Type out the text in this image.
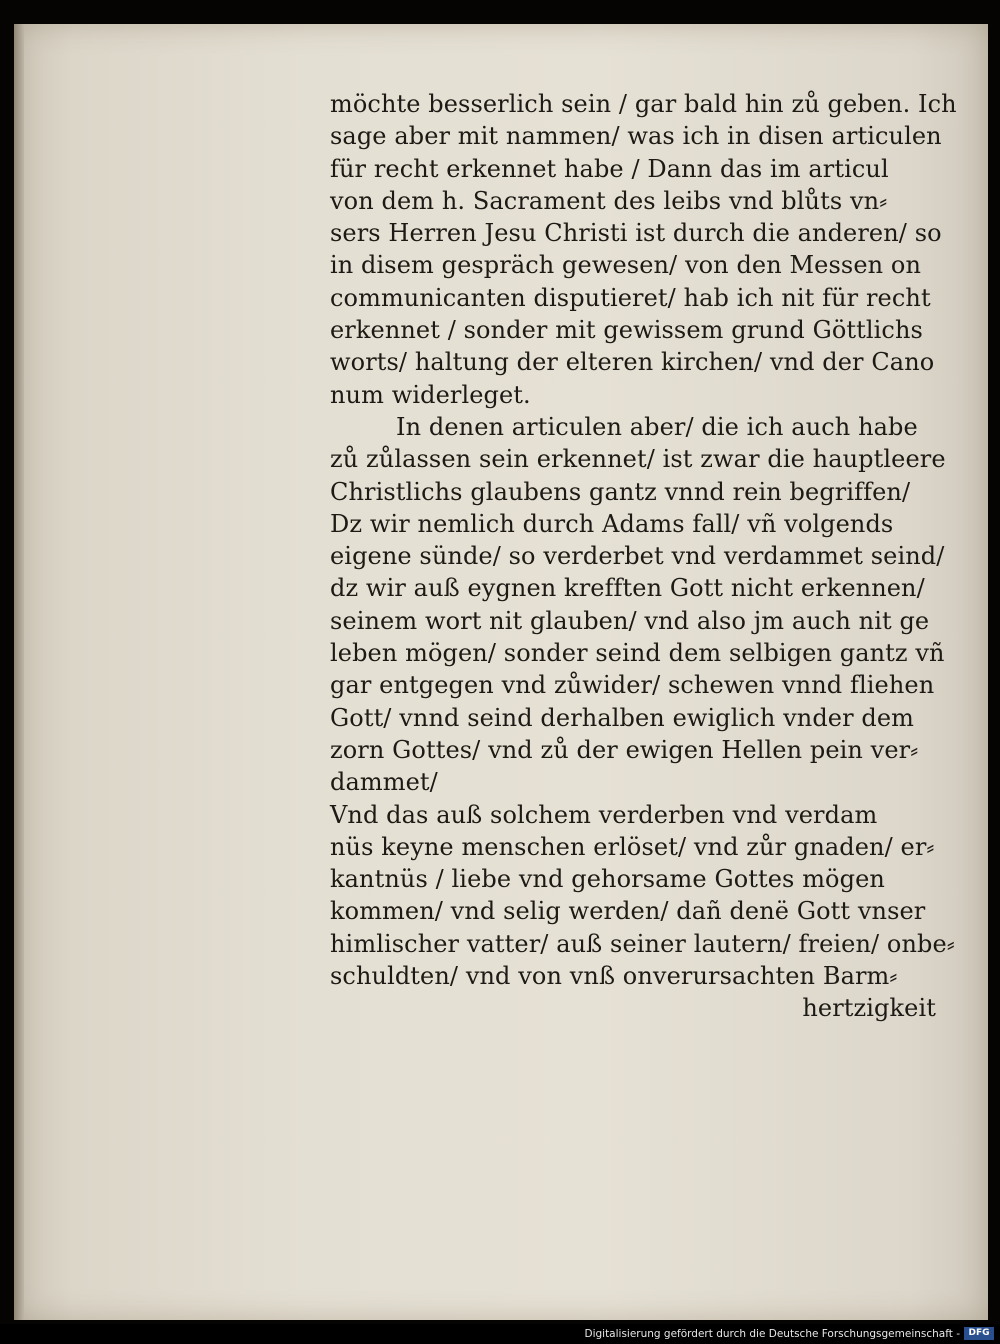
möchte besserlich sein / gar bald hin zů geben. Ich
sage aber mit nammen/ was ich in disen articulen
für recht erkennet habe / Dann das im articul
von dem h. Sacrament des leibs vnd blůts vn⸗
sers Herren Jesu Christi ist durch die anderen/ so
in disem gespräch gewesen/ von den Messen on
communicanten disputieret/ hab ich nit für recht
erkennet / sonder mit gewissem grund Göttlichs
worts/ haltung der elteren kirchen/ vnd der Cano
num widerleget.
In denen articulen aber/ die ich auch habe
zů zůlassen sein erkennet/ ist zwar die hauptleere
Christlichs glaubens gantz vnnd rein begriffen/
Dz wir nemlich durch Adams fall/ vñ volgends
eigene sünde/ so verderbet vnd verdammet seind/
dz wir auß eygnen krefften Gott nicht erkennen/
seinem wort nit glauben/ vnd also jm auch nit ge
leben mögen/ sonder seind dem selbigen gantz vñ
gar entgegen vnd zůwider/ schewen vnnd fliehen
Gott/ vnnd seind derhalben ewiglich vnder dem
zorn Gottes/ vnd zů der ewigen Hellen pein ver⸗
dammet/
Vnd das auß solchem verderben vnd verdam
nüs keyne menschen erlöset/ vnd zůr gnaden/ er⸗
kantnüs / liebe vnd gehorsame Gottes mögen
kommen/ vnd selig werden/ dañ denë Gott vnser
himlischer vatter/ auß seiner lautern/ freien/ onbe⸗
schuldten/ vnd von vnß onverursachten Barm⸗
hertzigkeit
Digitalisierung gefördert durch die Deutsche Forschungsgemeinschaft - DFG
